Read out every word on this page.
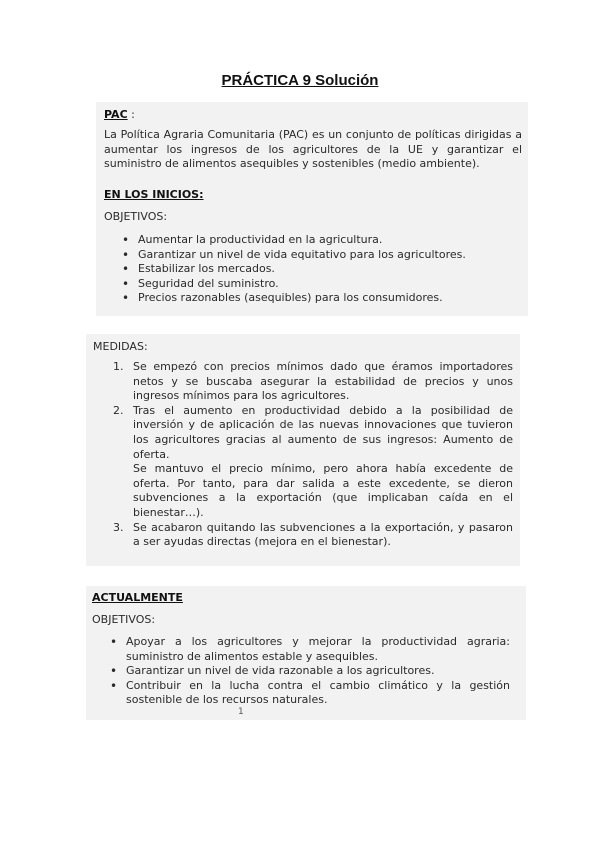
PRÁCTICA 9 Solución
PAC :
La Política Agraria Comunitaria (PAC) es un conjunto de políticas dirigidas a aumentar los ingresos de los agricultores de la UE y garantizar el suministro de alimentos asequibles y sostenibles (medio ambiente).
EN LOS INICIOS:
OBJETIVOS:
• Aumentar la productividad en la agricultura.
• Garantizar un nivel de vida equitativo para los agricultores.
• Estabilizar los mercados.
• Seguridad del suministro.
• Precios razonables (asequibles) para los consumidores.
MEDIDAS:
1. Se empezó con precios mínimos dado que éramos importadores netos y se buscaba asegurar la estabilidad de precios y unos ingresos mínimos para los agricultores.
2. Tras el aumento en productividad debido a la posibilidad de inversión y de aplicación de las nuevas innovaciones que tuvieron los agricultores gracias al aumento de sus ingresos: Aumento de oferta.
Se mantuvo el precio mínimo, pero ahora había excedente de oferta. Por tanto, para dar salida a este excedente, se dieron subvenciones a la exportación (que implicaban caída en el bienestar…).
3. Se acabaron quitando las subvenciones a la exportación, y pasaron a ser ayudas directas (mejora en el bienestar).
ACTUALMENTE
OBJETIVOS:
• Apoyar a los agricultores y mejorar la productividad agraria: suministro de alimentos estable y asequibles.
• Garantizar un nivel de vida razonable a los agricultores.
• Contribuir en la lucha contra el cambio climático y la gestión sostenible de los recursos naturales.
1
